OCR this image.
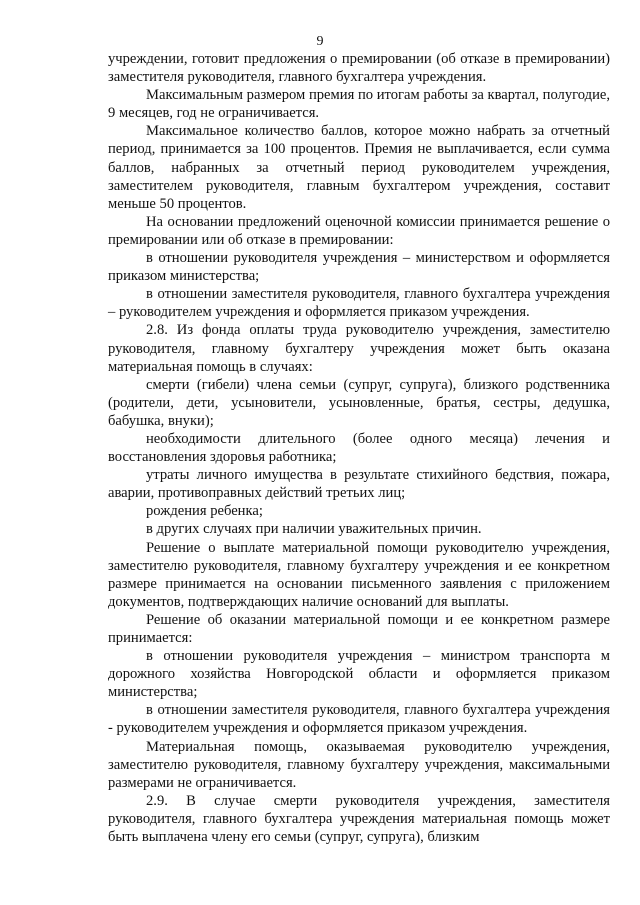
9

учреждении, готовит предложения о премировании (об отказе в премировании) заместителя руководителя, главного бухгалтера учреждения.

Максимальным размером премия по итогам работы за квартал, полугодие, 9 месяцев, год не ограничивается.

Максимальное количество баллов, которое можно набрать за отчетный период, принимается за 100 процентов. Премия не выплачивается, если сумма баллов, набранных за отчетный период руководителем учреждения, заместителем руководителя, главным бухгалтером учреждения, составит меньше 50 процентов.

На основании предложений оценочной комиссии принимается решение о премировании или об отказе в премировании:

в отношении руководителя учреждения – министерством и оформляется приказом министерства;

в отношении заместителя руководителя, главного бухгалтера учреждения – руководителем учреждения и оформляется приказом учреждения.

2.8. Из фонда оплаты труда руководителю учреждения, заместителю руководителя, главному бухгалтеру учреждения может быть оказана материальная помощь в случаях:

смерти (гибели) члена семьи (супруг, супруга), близкого родственника (родители, дети, усыновители, усыновленные, братья, сестры, дедушка, бабушка, внуки);

необходимости длительного (более одного месяца) лечения и восстановления здоровья работника;

утраты личного имущества в результате стихийного бедствия, пожара, аварии, противоправных действий третьих лиц;

рождения ребенка;

в других случаях при наличии уважительных причин.

Решение о выплате материальной помощи руководителю учреждения, заместителю руководителя, главному бухгалтеру учреждения и ее конкретном размере принимается на основании письменного заявления с приложением документов, подтверждающих наличие оснований для выплаты.

Решение об оказании материальной помощи и ее конкретном размере принимается:

в отношении руководителя учреждения – министром транспорта м дорожного хозяйства Новгородской области и оформляется приказом министерства;

в отношении заместителя руководителя, главного бухгалтера учреждения - руководителем учреждения и оформляется приказом учреждения.

Материальная помощь, оказываемая руководителю учреждения, заместителю руководителя, главному бухгалтеру учреждения, максимальными размерами не ограничивается.

2.9. В случае смерти руководителя учреждения, заместителя руководителя, главного бухгалтера учреждения материальная помощь может быть выплачена члену его семьи (супруг, супруга), близким
